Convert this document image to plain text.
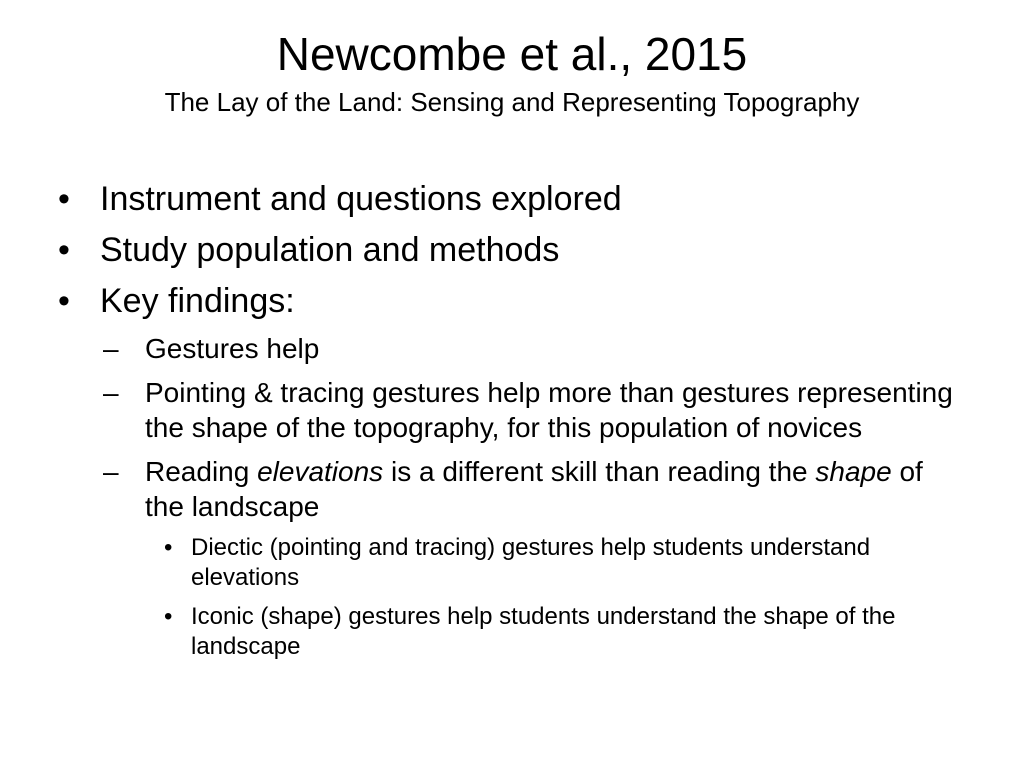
Newcombe et al., 2015
The Lay of the Land: Sensing and Representing Topography
• Instrument and questions explored
• Study population and methods
• Key findings:
– Gestures help
– Pointing & tracing gestures help more than gestures representing the shape of the topography, for this population of novices
– Reading elevations is a different skill than reading the shape of the landscape
• Diectic (pointing and tracing) gestures help students understand elevations
• Iconic (shape) gestures help students understand the shape of the landscape
